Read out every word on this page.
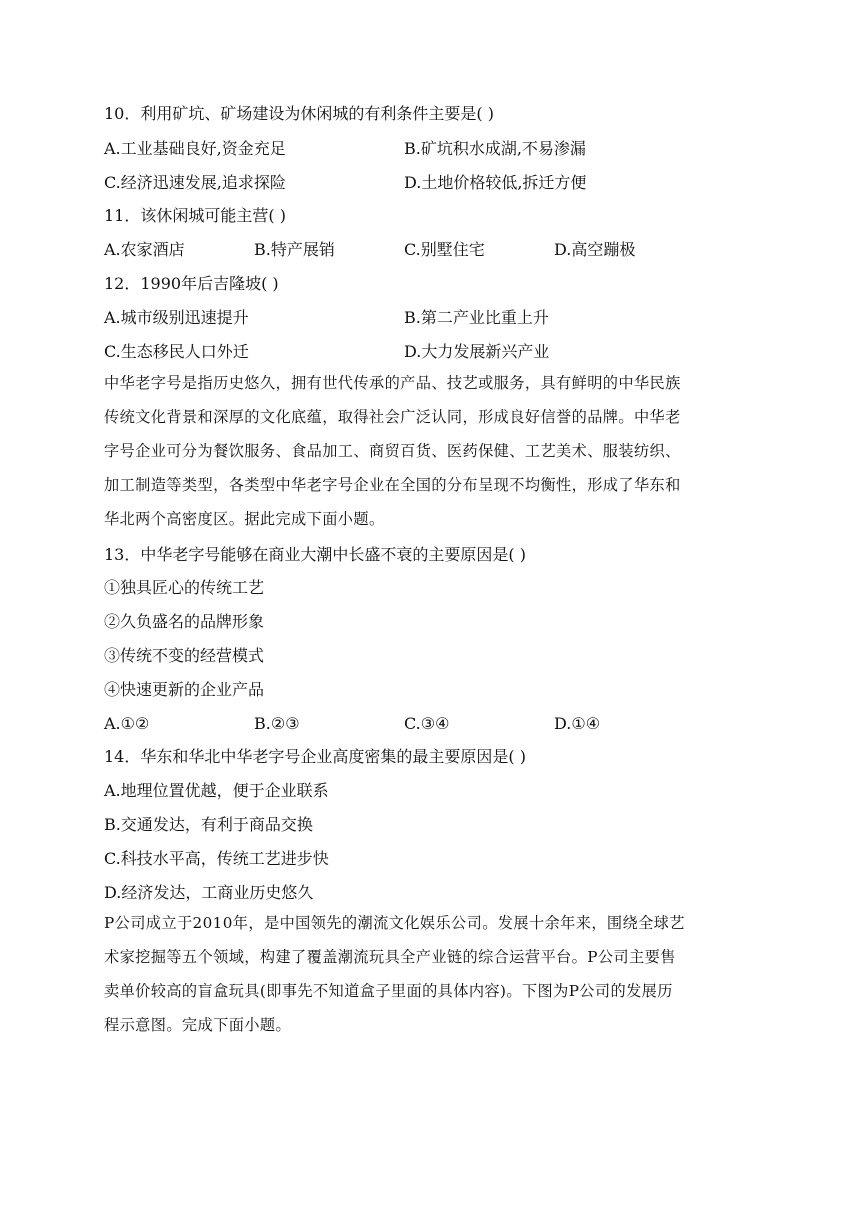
10．利用矿坑、矿场建设为休闲城的有利条件主要是( )
A.工业基础良好,资金充足	B.矿坑积水成湖,不易渗漏
C.经济迅速发展,追求探险	D.土地价格较低,拆迁方便
11．该休闲城可能主营( )
A.农家酒店	B.特产展销	C.别墅住宅	D.高空蹦极
12．1990年后吉隆坡( )
A.城市级别迅速提升	B.第二产业比重上升
C.生态移民人口外迁	D.大力发展新兴产业
中华老字号是指历史悠久，拥有世代传承的产品、技艺或服务，具有鲜明的中华民族
传统文化背景和深厚的文化底蕴，取得社会广泛认同，形成良好信誉的品牌。中华老
字号企业可分为餐饮服务、食品加工、商贸百货、医药保健、工艺美术、服装纺织、
加工制造等类型，各类型中华老字号企业在全国的分布呈现不均衡性，形成了华东和
华北两个高密度区。据此完成下面小题。
13．中华老字号能够在商业大潮中长盛不衰的主要原因是( )
①独具匠心的传统工艺
②久负盛名的品牌形象
③传统不变的经营模式
④快速更新的企业产品
A.①②	B.②③	C.③④	D.①④
14．华东和华北中华老字号企业高度密集的最主要原因是( )
A.地理位置优越，便于企业联系
B.交通发达，有利于商品交换
C.科技水平高，传统工艺进步快
D.经济发达，工商业历史悠久
P公司成立于2010年，是中国领先的潮流文化娱乐公司。发展十余年来，围绕全球艺
术家挖掘等五个领域，构建了覆盖潮流玩具全产业链的综合运营平台。P公司主要售
卖单价较高的盲盒玩具(即事先不知道盒子里面的具体内容)。下图为P公司的发展历
程示意图。完成下面小题。
